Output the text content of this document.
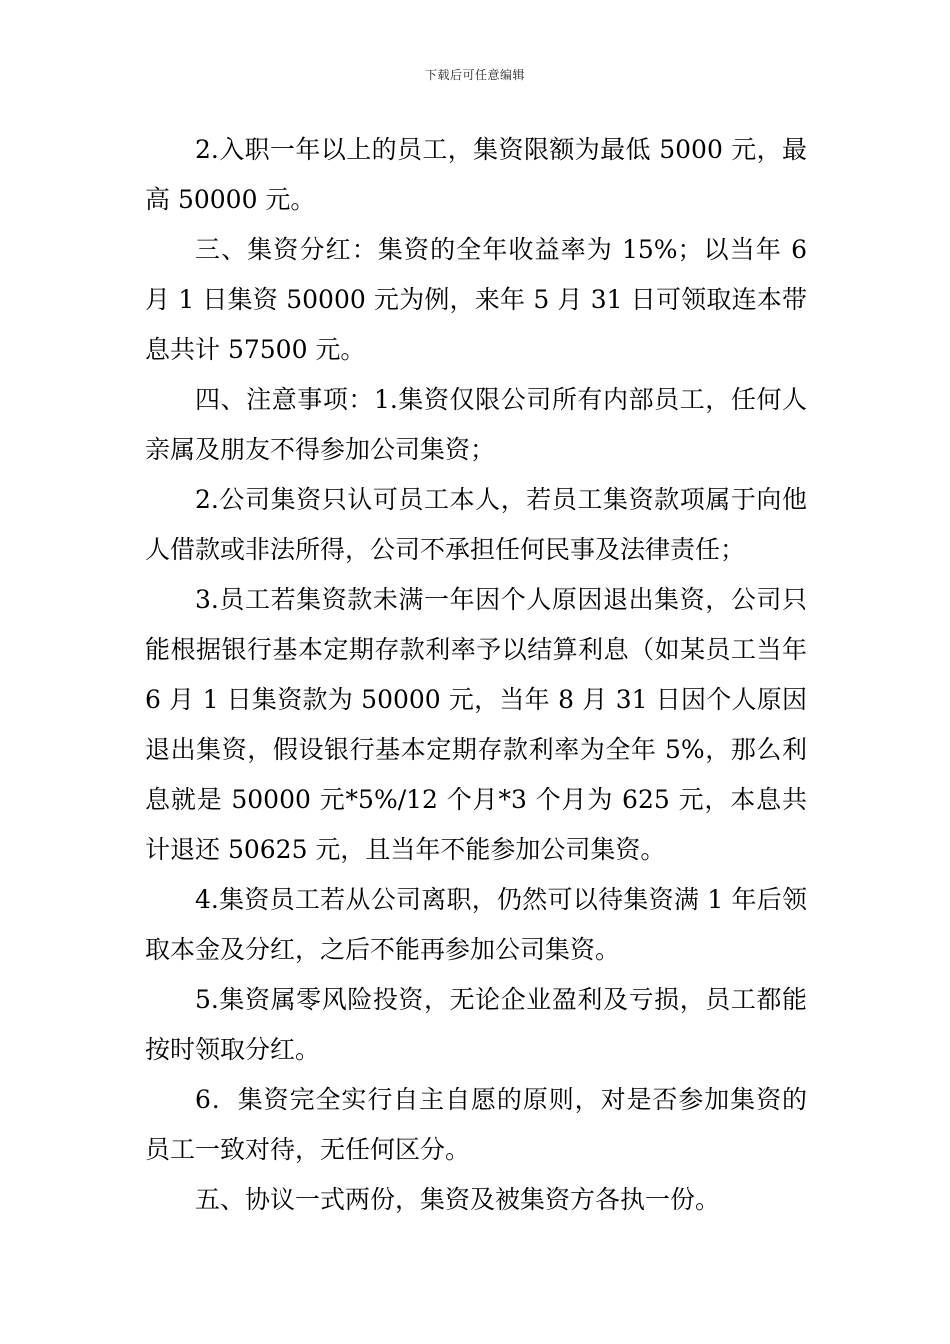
下载后可任意编辑

2.入职一年以上的员工，集资限额为最低 5000 元，最高 50000 元。

三、集资分红：集资的全年收益率为 15%；以当年 6 月 1 日集资 50000 元为例，来年 5 月 31 日可领取连本带息共计 57500 元。

四、注意事项：1.集资仅限公司所有内部员工，任何人亲属及朋友不得参加公司集资；

2.公司集资只认可员工本人，若员工集资款项属于向他人借款或非法所得，公司不承担任何民事及法律责任；

3.员工若集资款未满一年因个人原因退出集资，公司只能根据银行基本定期存款利率予以结算利息（如某员工当年 6 月 1 日集资款为 50000 元，当年 8 月 31 日因个人原因退出集资，假设银行基本定期存款利率为全年 5%，那么利息就是 50000 元*5%/12 个月*3 个月为 625 元，本息共计退还 50625 元，且当年不能参加公司集资。

4.集资员工若从公司离职，仍然可以待集资满 1 年后领取本金及分红，之后不能再参加公司集资。

5.集资属零风险投资，无论企业盈利及亏损，员工都能按时领取分红。

6．集资完全实行自主自愿的原则，对是否参加集资的员工一致对待，无任何区分。

五、协议一式两份，集资及被集资方各执一份。
